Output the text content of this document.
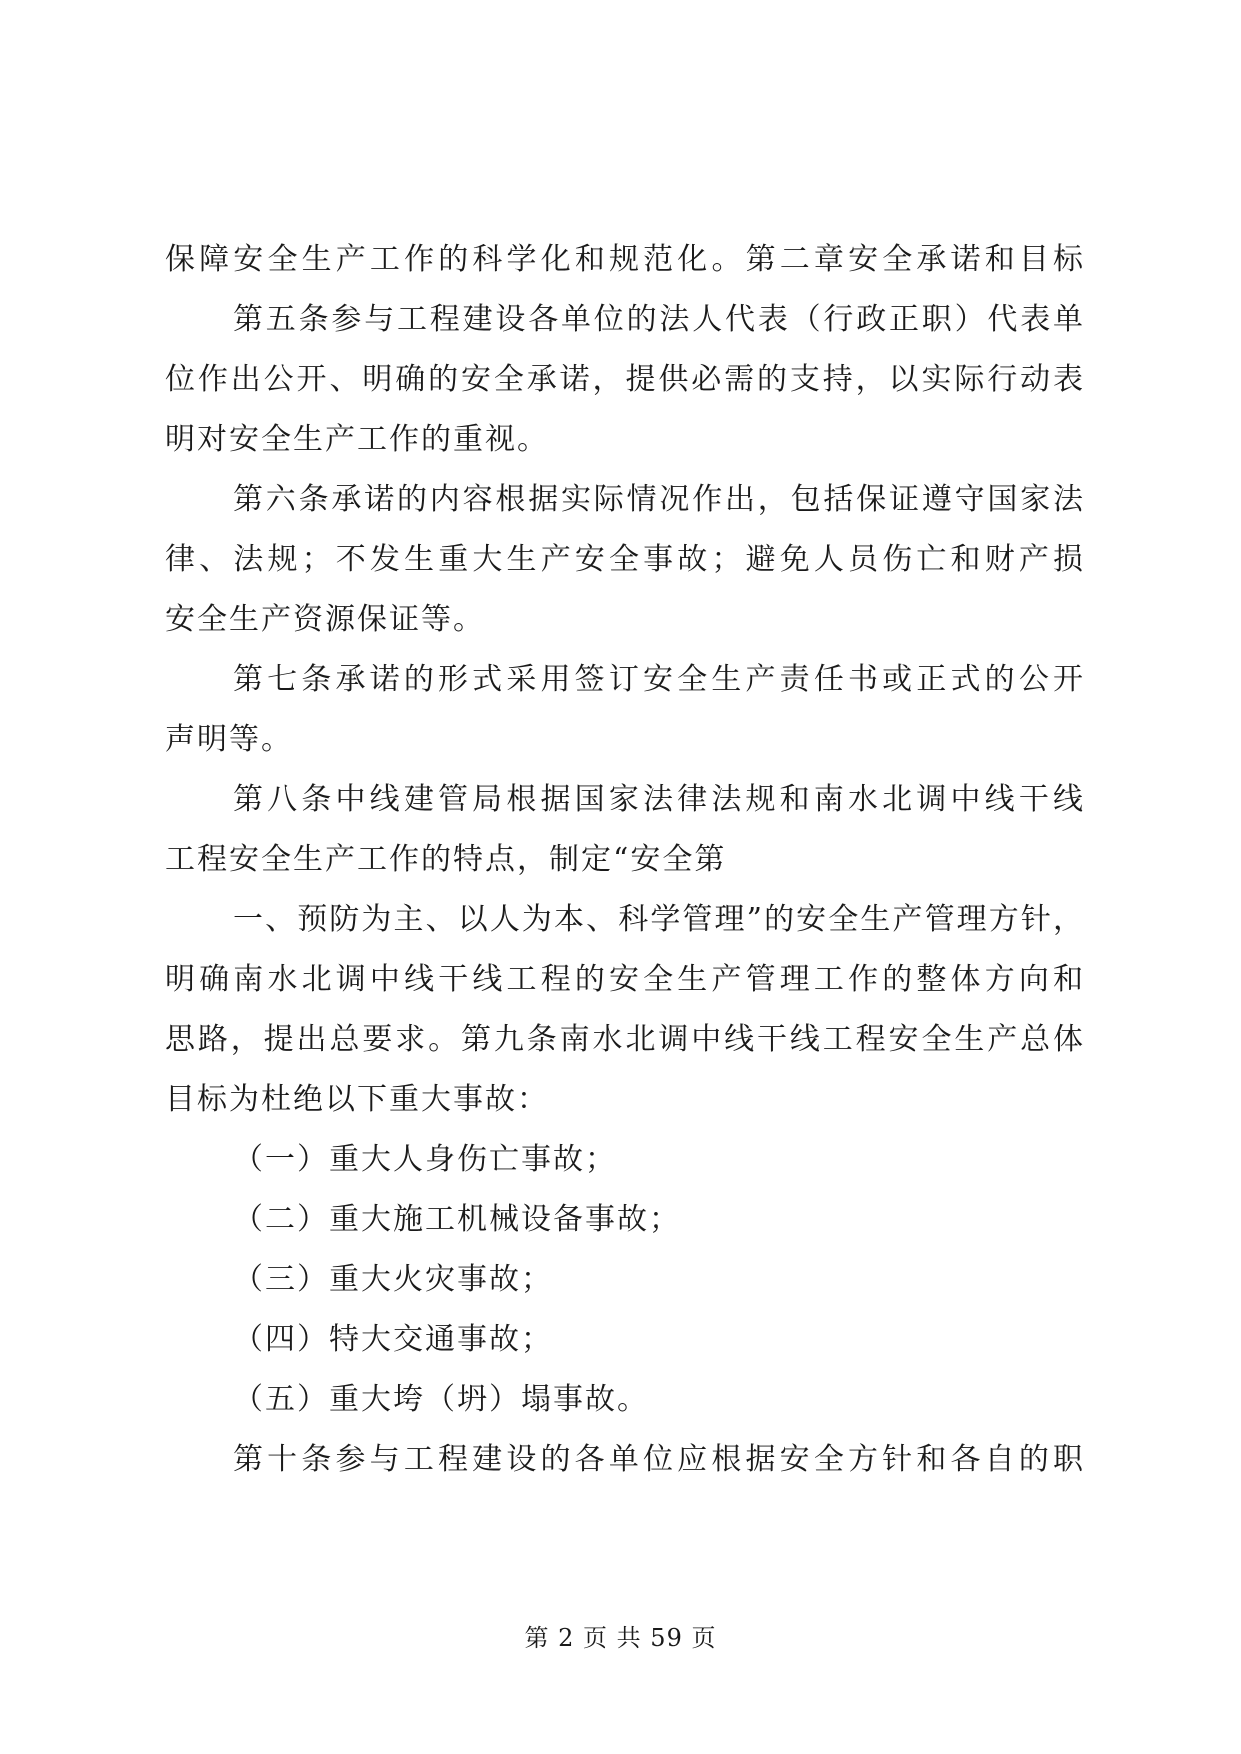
保障安全生产工作的科学化和规范化。第二章安全承诺和目标
第五条参与工程建设各单位的法人代表（行政正职）代表单
位作出公开、明确的安全承诺，提供必需的支持，以实际行动表
明对安全生产工作的重视。
第六条承诺的内容根据实际情况作出，包括保证遵守国家法
律、法规；不发生重大生产安全事故；避免人员伤亡和财产损
安全生产资源保证等。
第七条承诺的形式采用签订安全生产责任书或正式的公开
声明等。
第八条中线建管局根据国家法律法规和南水北调中线干线
工程安全生产工作的特点，制定“安全第
一、预防为主、以人为本、科学管理”的安全生产管理方针，
明确南水北调中线干线工程的安全生产管理工作的整体方向和
思路，提出总要求。第九条南水北调中线干线工程安全生产总体
目标为杜绝以下重大事故：
（一）重大人身伤亡事故；
（二）重大施工机械设备事故；
（三）重大火灾事故；
（四）特大交通事故；
（五）重大垮（坍）塌事故。
第十条参与工程建设的各单位应根据安全方针和各自的职
第 2 页 共 59 页
